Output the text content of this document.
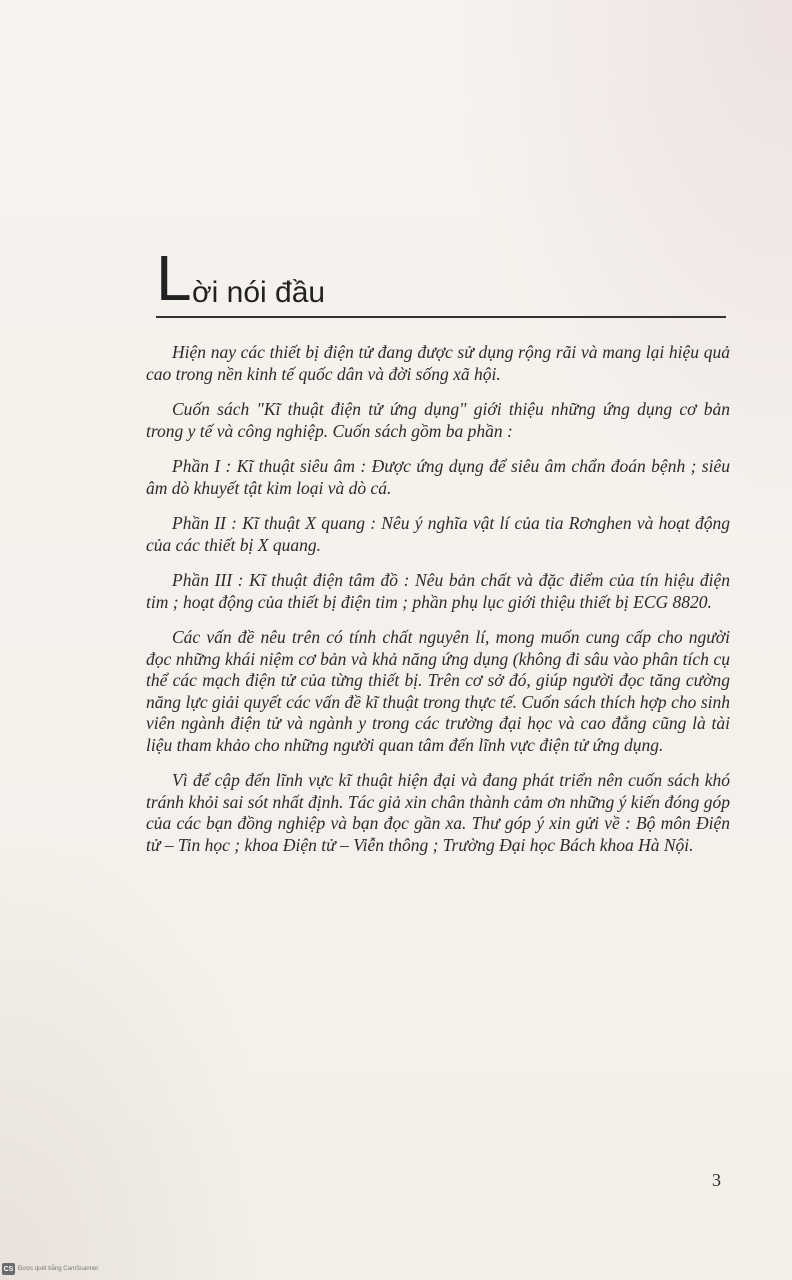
L ời nói đầu

Hiện nay các thiết bị điện tử đang được sử dụng rộng rãi và mang lại hiệu quả cao trong nền kinh tế quốc dân và đời sống xã hội.

Cuốn sách "Kĩ thuật điện tử ứng dụng" giới thiệu những ứng dụng cơ bản trong y tế và công nghiệp. Cuốn sách gồm ba phần :

Phần I : Kĩ thuật siêu âm : Được ứng dụng để siêu âm chẩn đoán bệnh ; siêu âm dò khuyết tật kim loại và dò cá.

Phần II : Kĩ thuật X quang : Nêu ý nghĩa vật lí của tia Rơnghen và hoạt động của các thiết bị X quang.

Phần III : Kĩ thuật điện tâm đồ : Nêu bản chất và đặc điểm của tín hiệu điện tim ; hoạt động của thiết bị điện tim ; phần phụ lục giới thiệu thiết bị ECG 8820.

Các vấn đề nêu trên có tính chất nguyên lí, mong muốn cung cấp cho người đọc những khái niệm cơ bản và khả năng ứng dụng (không đi sâu vào phân tích cụ thể các mạch điện tử của từng thiết bị. Trên cơ sở đó, giúp người đọc tăng cường năng lực giải quyết các vấn đề kĩ thuật trong thực tế. Cuốn sách thích hợp cho sinh viên ngành điện tử và ngành y trong các trường đại học và cao đẳng cũng là tài liệu tham khảo cho những người quan tâm đến lĩnh vực điện tử ứng dụng.

Vì để cập đến lĩnh vực kĩ thuật hiện đại và đang phát triển nên cuốn sách khó tránh khỏi sai sót nhất định. Tác giả xin chân thành cảm ơn những ý kiến đóng góp của các bạn đồng nghiệp và bạn đọc gần xa. Thư góp ý xin gửi về : Bộ môn Điện tử – Tin học ; khoa Điện tử – Viễn thông ; Trường Đại học Bách khoa Hà Nội.

3
CS Được quét bằng CamScanner
